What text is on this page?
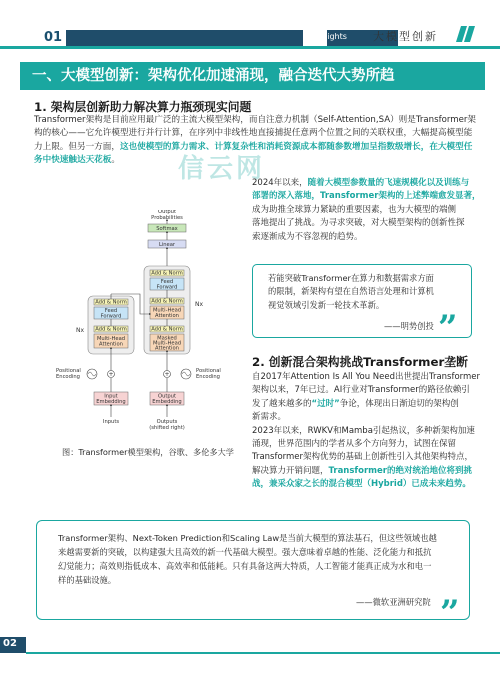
01	i nsights 大模型创新
一、大模型创新：架构优化加速涌现，融合迭代大势所趋
1. 架构层创新助力解决算力瓶颈现实问题
Transformer架构是目前应用最广泛的主流大模型架构，而自注意力机制（Self-Attention,SA）则是Transformer架
构的核心——它允许模型进行并行计算，在序列中非线性地直接捕捉任意两个位置之间的关联权重，大幅提高模型能
力上限。但另一方面，这也使模型的算力需求、计算复杂性和消耗资源成本都随参数增加呈指数级增长，在大模型任
务中快速触达天花板。	信云网
2024年以来，随着大模型参数量的飞速规模化以及训练与
部署的深入落地，Transformer架构的上述弊端愈发显著，
成为助推全球算力紧缺的重要因素，也为大模型的端侧
落地提出了挑战。为寻求突破，对大模型架构的创新性探
索逐渐成为不容忽视的趋势。
若能突破Transformer在算力和数据需求方面
的限制，新架构有望在自然语言处理和计算机
视觉领域引发新一轮技术革新。
——明势创投 ”
2. 创新混合架构挑战Transformer垄断
自2017年Attention Is All You Need出世提出Transformer
架构以来，7年已过。AI行业对Transformer的路径依赖引
发了越来越多的“过时”争论，体现出日渐迫切的架构创
新需求。
2023年以来，RWKV和Mamba引起热议，多种新架构加速
涌现，世界范围内的学者从多个方向努力，试图在保留
Transformer架构优势的基础上创新性引入其他架构特点，
解决算力开销问题，Transformer的绝对统治地位将到挑
战，兼采众家之长的混合模型（Hybrid）已成未来趋势。
Output
Probabilities
Softmax
Linear
Add & Norm
Feed
Forward
Add & Norm
Multi-Head
Attention
Add & Norm
Masked
Multi-Head
Attention
Add & Norm
Feed
Forward
Add & Norm
Multi-Head
Attention
Nx
Nx
+	+
Positional
Encoding
Positional
Encoding
Input
Embedding
Output
Embedding
Inputs	Outputs
(shifted right)
图：Transformer模型架构，谷歌、多伦多大学
Transformer架构、Next-Token Prediction和Scaling Law是当前大模型的算法基石，但这些领域也越
来越需要新的突破，以构建强大且高效的新一代基础大模型。强大意味着卓越的性能、泛化能力和抵抗
幻觉能力；高效则指低成本、高效率和低能耗。只有具备这两大特质，人工智能才能真正成为水和电一
样的基础设施。
——微软亚洲研究院 ”
02
